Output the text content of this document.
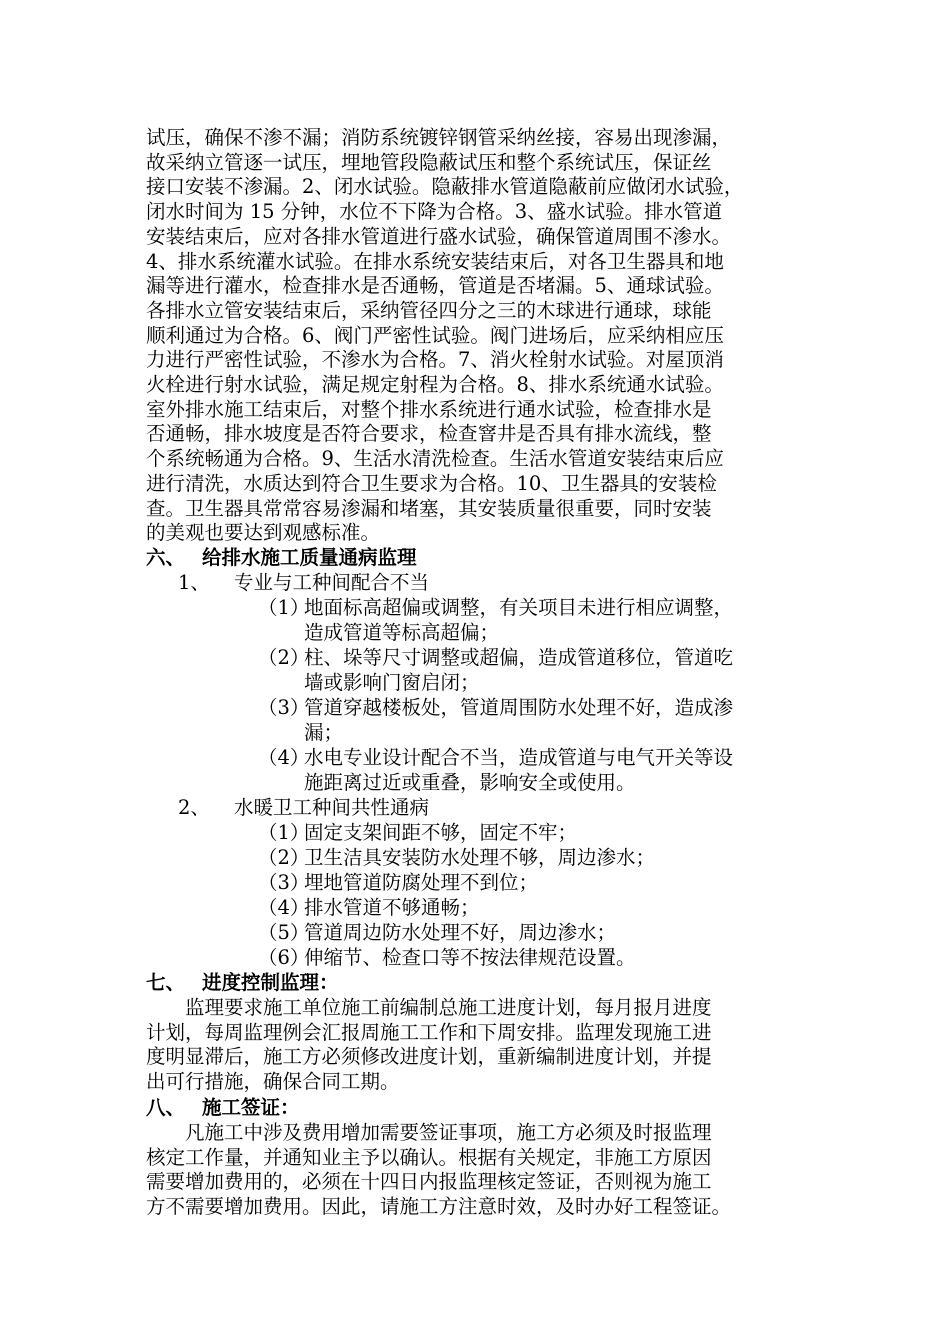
试压，确保不渗不漏；消防系统镀锌钢管采纳丝接，容易出现渗漏，
故采纳立管逐一试压，埋地管段隐蔽试压和整个系统试压，保证丝
接口安装不渗漏。2、闭水试验。隐蔽排水管道隐蔽前应做闭水试验，
闭水时间为 15 分钟，水位不下降为合格。3、盛水试验。排水管道
安装结束后，应对各排水管道进行盛水试验，确保管道周围不渗水。
4、排水系统灌水试验。在排水系统安装结束后，对各卫生器具和地
漏等进行灌水，检查排水是否通畅，管道是否堵漏。5、通球试验。
各排水立管安装结束后，采纳管径四分之三的木球进行通球，球能
顺利通过为合格。6、阀门严密性试验。阀门进场后，应采纳相应压
力进行严密性试验，不渗水为合格。7、消火栓射水试验。对屋顶消
火栓进行射水试验，满足规定射程为合格。8、排水系统通水试验。
室外排水施工结束后，对整个排水系统进行通水试验，检查排水是
否通畅，排水坡度是否符合要求，检查窨井是否具有排水流线，整
个系统畅通为合格。9、生活水清洗检查。生活水管道安装结束后应
进行清洗，水质达到符合卫生要求为合格。10、卫生器具的安装检
查。卫生器具常常容易渗漏和堵塞，其安装质量很重要，同时安装
的美观也要达到观感标准。
六、 给排水施工质量通病监理
1、 专业与工种间配合不当
（1）地面标高超偏或调整，有关项目未进行相应调整，
造成管道等标高超偏；
（2）柱、垛等尺寸调整或超偏，造成管道移位，管道吃
墙或影响门窗启闭；
（3）管道穿越楼板处，管道周围防水处理不好，造成渗
漏；
（4）水电专业设计配合不当，造成管道与电气开关等设
施距离过近或重叠，影响安全或使用。
2、 水暖卫工种间共性通病
（1）固定支架间距不够，固定不牢；
（2）卫生洁具安装防水处理不够，周边渗水；
（3）埋地管道防腐处理不到位；
（4）排水管道不够通畅；
（5）管道周边防水处理不好，周边渗水；
（6）伸缩节、检查口等不按法律规范设置。
七、 进度控制监理：
　　监理要求施工单位施工前编制总施工进度计划，每月报月进度
计划，每周监理例会汇报周施工工作和下周安排。监理发现施工进
度明显滞后，施工方必须修改进度计划，重新编制进度计划，并提
出可行措施，确保合同工期。
八、 施工签证：
　　凡施工中涉及费用增加需要签证事项，施工方必须及时报监理
核定工作量，并通知业主予以确认。根据有关规定，非施工方原因
需要增加费用的，必须在十四日内报监理核定签证，否则视为施工
方不需要增加费用。因此，请施工方注意时效，及时办好工程签证。
